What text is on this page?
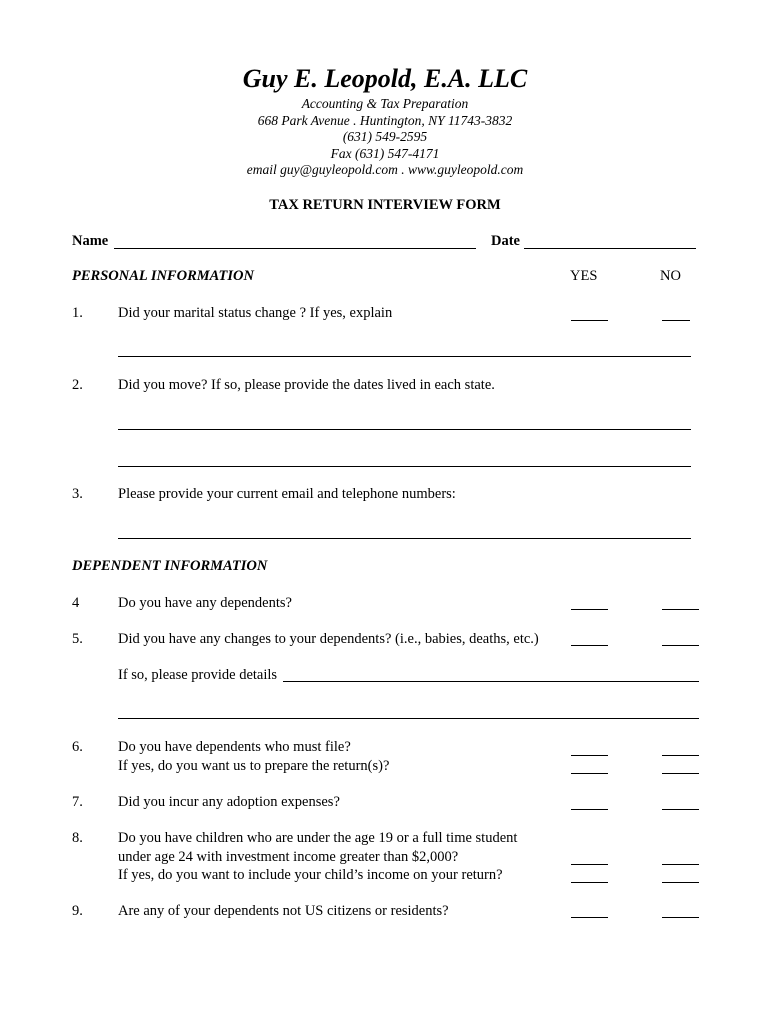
Guy E. Leopold, E.A. LLC
Accounting & Tax Preparation
668 Park Avenue . Huntington, NY 11743-3832
(631) 549-2595
Fax (631) 547-4171
email guy@guyleopold.com . www.guyleopold.com
TAX RETURN INTERVIEW FORM
Name	Date
PERSONAL INFORMATION	YES	NO
1. Did your marital status change ? If yes, explain
2. Did you move? If so, please provide the dates lived in each state.
3. Please provide your current email and telephone numbers:
DEPENDENT INFORMATION
4	Do you have any dependents?
5. Did you have any changes to your dependents? (i.e., babies, deaths, etc.)
If so, please provide details
6. Do you have dependents who must file?
If yes, do you want us to prepare the return(s)?
7. Did you incur any adoption expenses?
8. Do you have children who are under the age 19 or a full time student
under age 24 with investment income greater than $2,000?
If yes, do you want to include your child’s income on your return?
9. Are any of your dependents not US citizens or residents?
